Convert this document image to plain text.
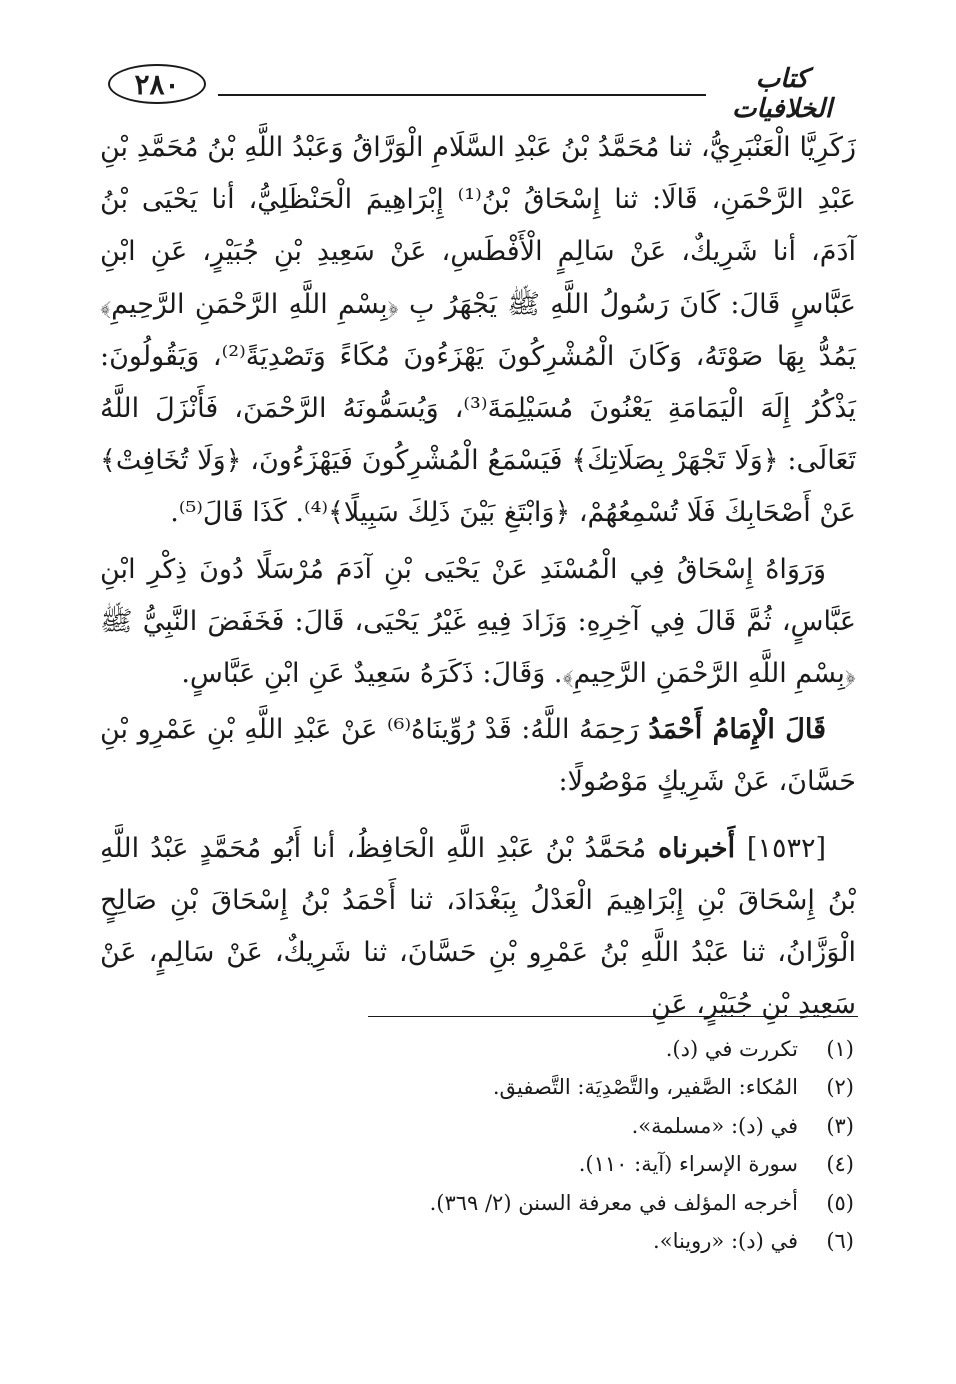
كتاب الخلافيات
٢٨٠

زَكَرِيَّا الْعَنْبَرِيُّ، ثنا مُحَمَّدُ بْنُ عَبْدِ السَّلَامِ الْوَرَّاقُ وَعَبْدُ اللَّهِ بْنُ مُحَمَّدِ بْنِ عَبْدِ الرَّحْمَنِ، قَالَا: ثنا إِسْحَاقُ بْنُ⁽¹⁾ إِبْرَاهِيمَ الْحَنْظَلِيُّ، أنا يَحْيَى بْنُ آدَمَ، أنا شَرِيكٌ، عَنْ سَالِمٍ الْأَفْطَسِ، عَنْ سَعِيدِ بْنِ جُبَيْرٍ، عَنِ ابْنِ عَبَّاسٍ قَالَ: كَانَ رَسُولُ اللَّهِ ﷺ يَجْهَرُ بِ ﴿بِسْمِ اللَّهِ الرَّحْمَنِ الرَّحِيمِ﴾ يَمُدُّ بِهَا صَوْتَهُ، وَكَانَ الْمُشْرِكُونَ يَهْزَءُونَ مُكَاءً وَتَصْدِيَةً⁽²⁾، وَيَقُولُونَ: يَذْكُرُ إِلَهَ الْيَمَامَةِ يَعْنُونَ مُسَيْلِمَةَ⁽³⁾، وَيُسَمُّونَهُ الرَّحْمَنَ، فَأَنْزَلَ اللَّهُ تَعَالَى: ﴿وَلَا تَجْهَرْ بِصَلَاتِكَ﴾ فَيَسْمَعُ الْمُشْرِكُونَ فَيَهْزَءُونَ، ﴿وَلَا تُخَافِتْ﴾ عَنْ أَصْحَابِكَ فَلَا تُسْمِعُهُمْ، ﴿وَابْتَغِ بَيْنَ ذَلِكَ سَبِيلًا﴾⁽⁴⁾. كَذَا قَالَ⁽⁵⁾.

وَرَوَاهُ إِسْحَاقُ فِي الْمُسْنَدِ عَنْ يَحْيَى بْنِ آدَمَ مُرْسَلًا دُونَ ذِكْرِ ابْنِ عَبَّاسٍ، ثُمَّ قَالَ فِي آخِرِهِ: وَزَادَ فِيهِ غَيْرُ يَحْيَى، قَالَ: فَخَفَضَ النَّبِيُّ ﷺ ﴿بِسْمِ اللَّهِ الرَّحْمَنِ الرَّحِيمِ﴾. وَقَالَ: ذَكَرَهُ سَعِيدٌ عَنِ ابْنِ عَبَّاسٍ.

قَالَ الْإِمَامُ أَحْمَدُ رَحِمَهُ اللَّهُ: قَدْ رُوِّينَاهُ⁽⁶⁾ عَنْ عَبْدِ اللَّهِ بْنِ عَمْرِو بْنِ حَسَّانَ، عَنْ شَرِيكٍ مَوْصُولًا:

[١٥٣٢] أَخبرناه مُحَمَّدُ بْنُ عَبْدِ اللَّهِ الْحَافِظُ، أنا أَبُو مُحَمَّدٍ عَبْدُ اللَّهِ بْنُ إِسْحَاقَ بْنِ إِبْرَاهِيمَ الْعَدْلُ بِبَغْدَادَ، ثنا أَحْمَدُ بْنُ إِسْحَاقَ بْنِ صَالِحٍ الْوَزَّانُ، ثنا عَبْدُ اللَّهِ بْنُ عَمْرِو بْنِ حَسَّانَ، ثنا شَرِيكٌ، عَنْ سَالِمٍ، عَنْ سَعِيدِ بْنِ جُبَيْرٍ، عَنِ

(١)
تكررت في (د).
(٢)
المُكاء: الصَّفير، والتَّصْدِيَة: التَّصفيق.
(٣)
في (د): «مسلمة».
(٤)
سورة الإسراء (آية: ١١٠).
(٥)
أخرجه المؤلف في معرفة السنن (٢/ ٣٦٩).
(٦)
في (د): «روينا».
